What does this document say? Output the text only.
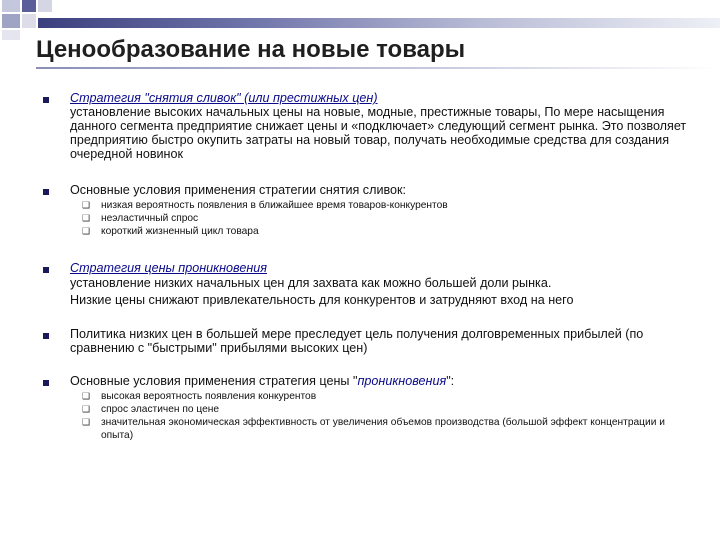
Ценообразование на новые товары
Стратегия "снятия сливок" (или престижных цен)
установление высоких начальных цены на новые, модные, престижные товары, По мере насыщения данного сегмента предприятие снижает цены и «подключает» следующий сегмент рынка. Это позволяет предприятию быстро окупить затраты на новый товар, получать необходимые средства для создания очередной новинок
Основные условия применения стратегии снятия сливок:
❑	низкая вероятность появления в ближайшее время товаров-конкурентов
❑	неэластичный спрос
❑	короткий жизненный цикл товара
Стратегия цены проникновения
установление низких начальных цен для захвата как можно большей доли рынка.
Низкие цены снижают привлекательность для конкурентов и затрудняют вход на него
Политика низких цен в большей мере преследует цель получения долговременных прибылей (по сравнению с "быстрыми" прибылями высоких цен)
Основные условия применения стратегия цены "проникновения":
❑	высокая вероятность появления конкурентов
❑	спрос эластичен по цене
❑	значительная экономическая эффективность от увеличения объемов производства (большой эффект концентрации и опыта)
